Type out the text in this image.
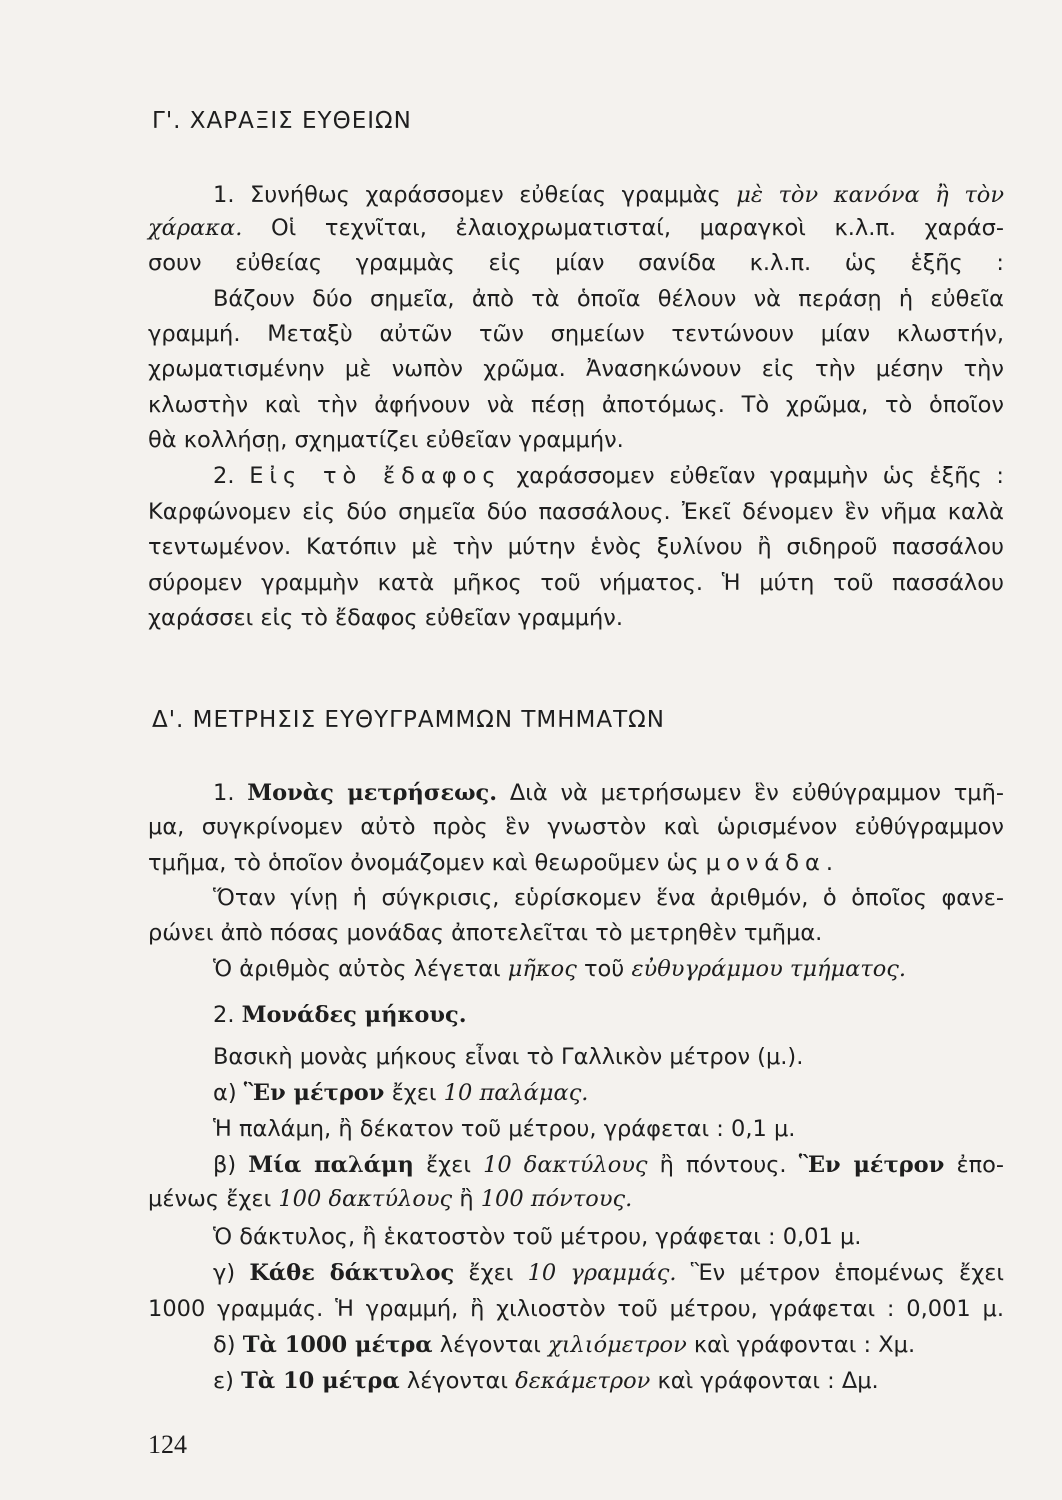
Γ'. ΧΑΡΑΞΙΣ ΕΥΘΕΙΩΝ
1. Συνήθως χαράσσομεν εὐθείας γραμμὰς μὲ τὸν κανόνα ἢ τὸν
χάρακα. Οἱ τεχνῖται, ἐλαιοχρωματισταί, μαραγκοὶ κ.λ.π. χαράσ-
σουν εὐθείας γραμμὰς εἰς μίαν σανίδα κ.λ.π. ὡς ἑξῆς :
Βάζουν δύο σημεῖα, ἀπὸ τὰ ὁποῖα θέλουν νὰ περάσῃ ἡ εὐθεῖα
γραμμή. Μεταξὺ αὐτῶν τῶν σημείων τεντώνουν μίαν κλωστήν,
χρωματισμένην μὲ νωπὸν χρῶμα. Ἀνασηκώνουν εἰς τὴν μέσην τὴν
κλωστὴν καὶ τὴν ἀφήνουν νὰ πέσῃ ἀποτόμως. Τὸ χρῶμα, τὸ ὁποῖον
θὰ κολλήσῃ, σχηματίζει εὐθεῖαν γραμμήν.
2. Εἰς τὸ ἔδαφος χαράσσομεν εὐθεῖαν γραμμὴν ὡς ἑξῆς :
Καρφώνομεν εἰς δύο σημεῖα δύο πασσάλους. Ἐκεῖ δένομεν ἓν νῆμα καλὰ
τεντωμένον. Κατόπιν μὲ τὴν μύτην ἑνὸς ξυλίνου ἢ σιδηροῦ πασσάλου
σύρομεν γραμμὴν κατὰ μῆκος τοῦ νήματος. Ἡ μύτη τοῦ πασσάλου
χαράσσει εἰς τὸ ἔδαφος εὐθεῖαν γραμμήν.
Δ'. ΜΕΤΡΗΣΙΣ ΕΥΘΥΓΡΑΜΜΩΝ ΤΜΗΜΑΤΩΝ
1. Μονὰς μετρήσεως. Διὰ νὰ μετρήσωμεν ἓν εὐθύγραμμον τμῆ-
μα, συγκρίνομεν αὐτὸ πρὸς ἓν γνωστὸν καὶ ὡρισμένον εὐθύγραμμον
τμῆμα, τὸ ὁποῖον ὀνομάζομεν καὶ θεωροῦμεν ὡς μονάδα.
Ὅταν γίνῃ ἡ σύγκρισις, εὑρίσκομεν ἕνα ἀριθμόν, ὁ ὁποῖος φανε-
ρώνει ἀπὸ πόσας μονάδας ἀποτελεῖται τὸ μετρηθὲν τμῆμα.
Ὁ ἀριθμὸς αὐτὸς λέγεται μῆκος τοῦ εὐθυγράμμου τμήματος.
2. Μονάδες μήκους.
Βασικὴ μονὰς μήκους εἶναι τὸ Γαλλικὸν μέτρον (μ.).
α) Ἓν μέτρον ἔχει 10 παλάμας.
Ἡ παλάμη, ἢ δέκατον τοῦ μέτρου, γράφεται : 0,1 μ.
β) Μία παλάμη ἔχει 10 δακτύλους ἢ πόντους. Ἓν μέτρον ἐπο-
μένως ἔχει 100 δακτύλους ἢ 100 πόντους.
Ὁ δάκτυλος, ἢ ἑκατοστὸν τοῦ μέτρου, γράφεται : 0,01 μ.
γ) Κάθε δάκτυλος ἔχει 10 γραμμάς. Ἓν μέτρον ἑπομένως ἔχει
1000 γραμμάς. Ἡ γραμμή, ἢ χιλιοστὸν τοῦ μέτρου, γράφεται : 0,001 μ.
δ) Τὰ 1000 μέτρα λέγονται χιλιόμετρον καὶ γράφονται : Χμ.
ε) Τὰ 10 μέτρα λέγονται δεκάμετρον καὶ γράφονται : Δμ.
124
